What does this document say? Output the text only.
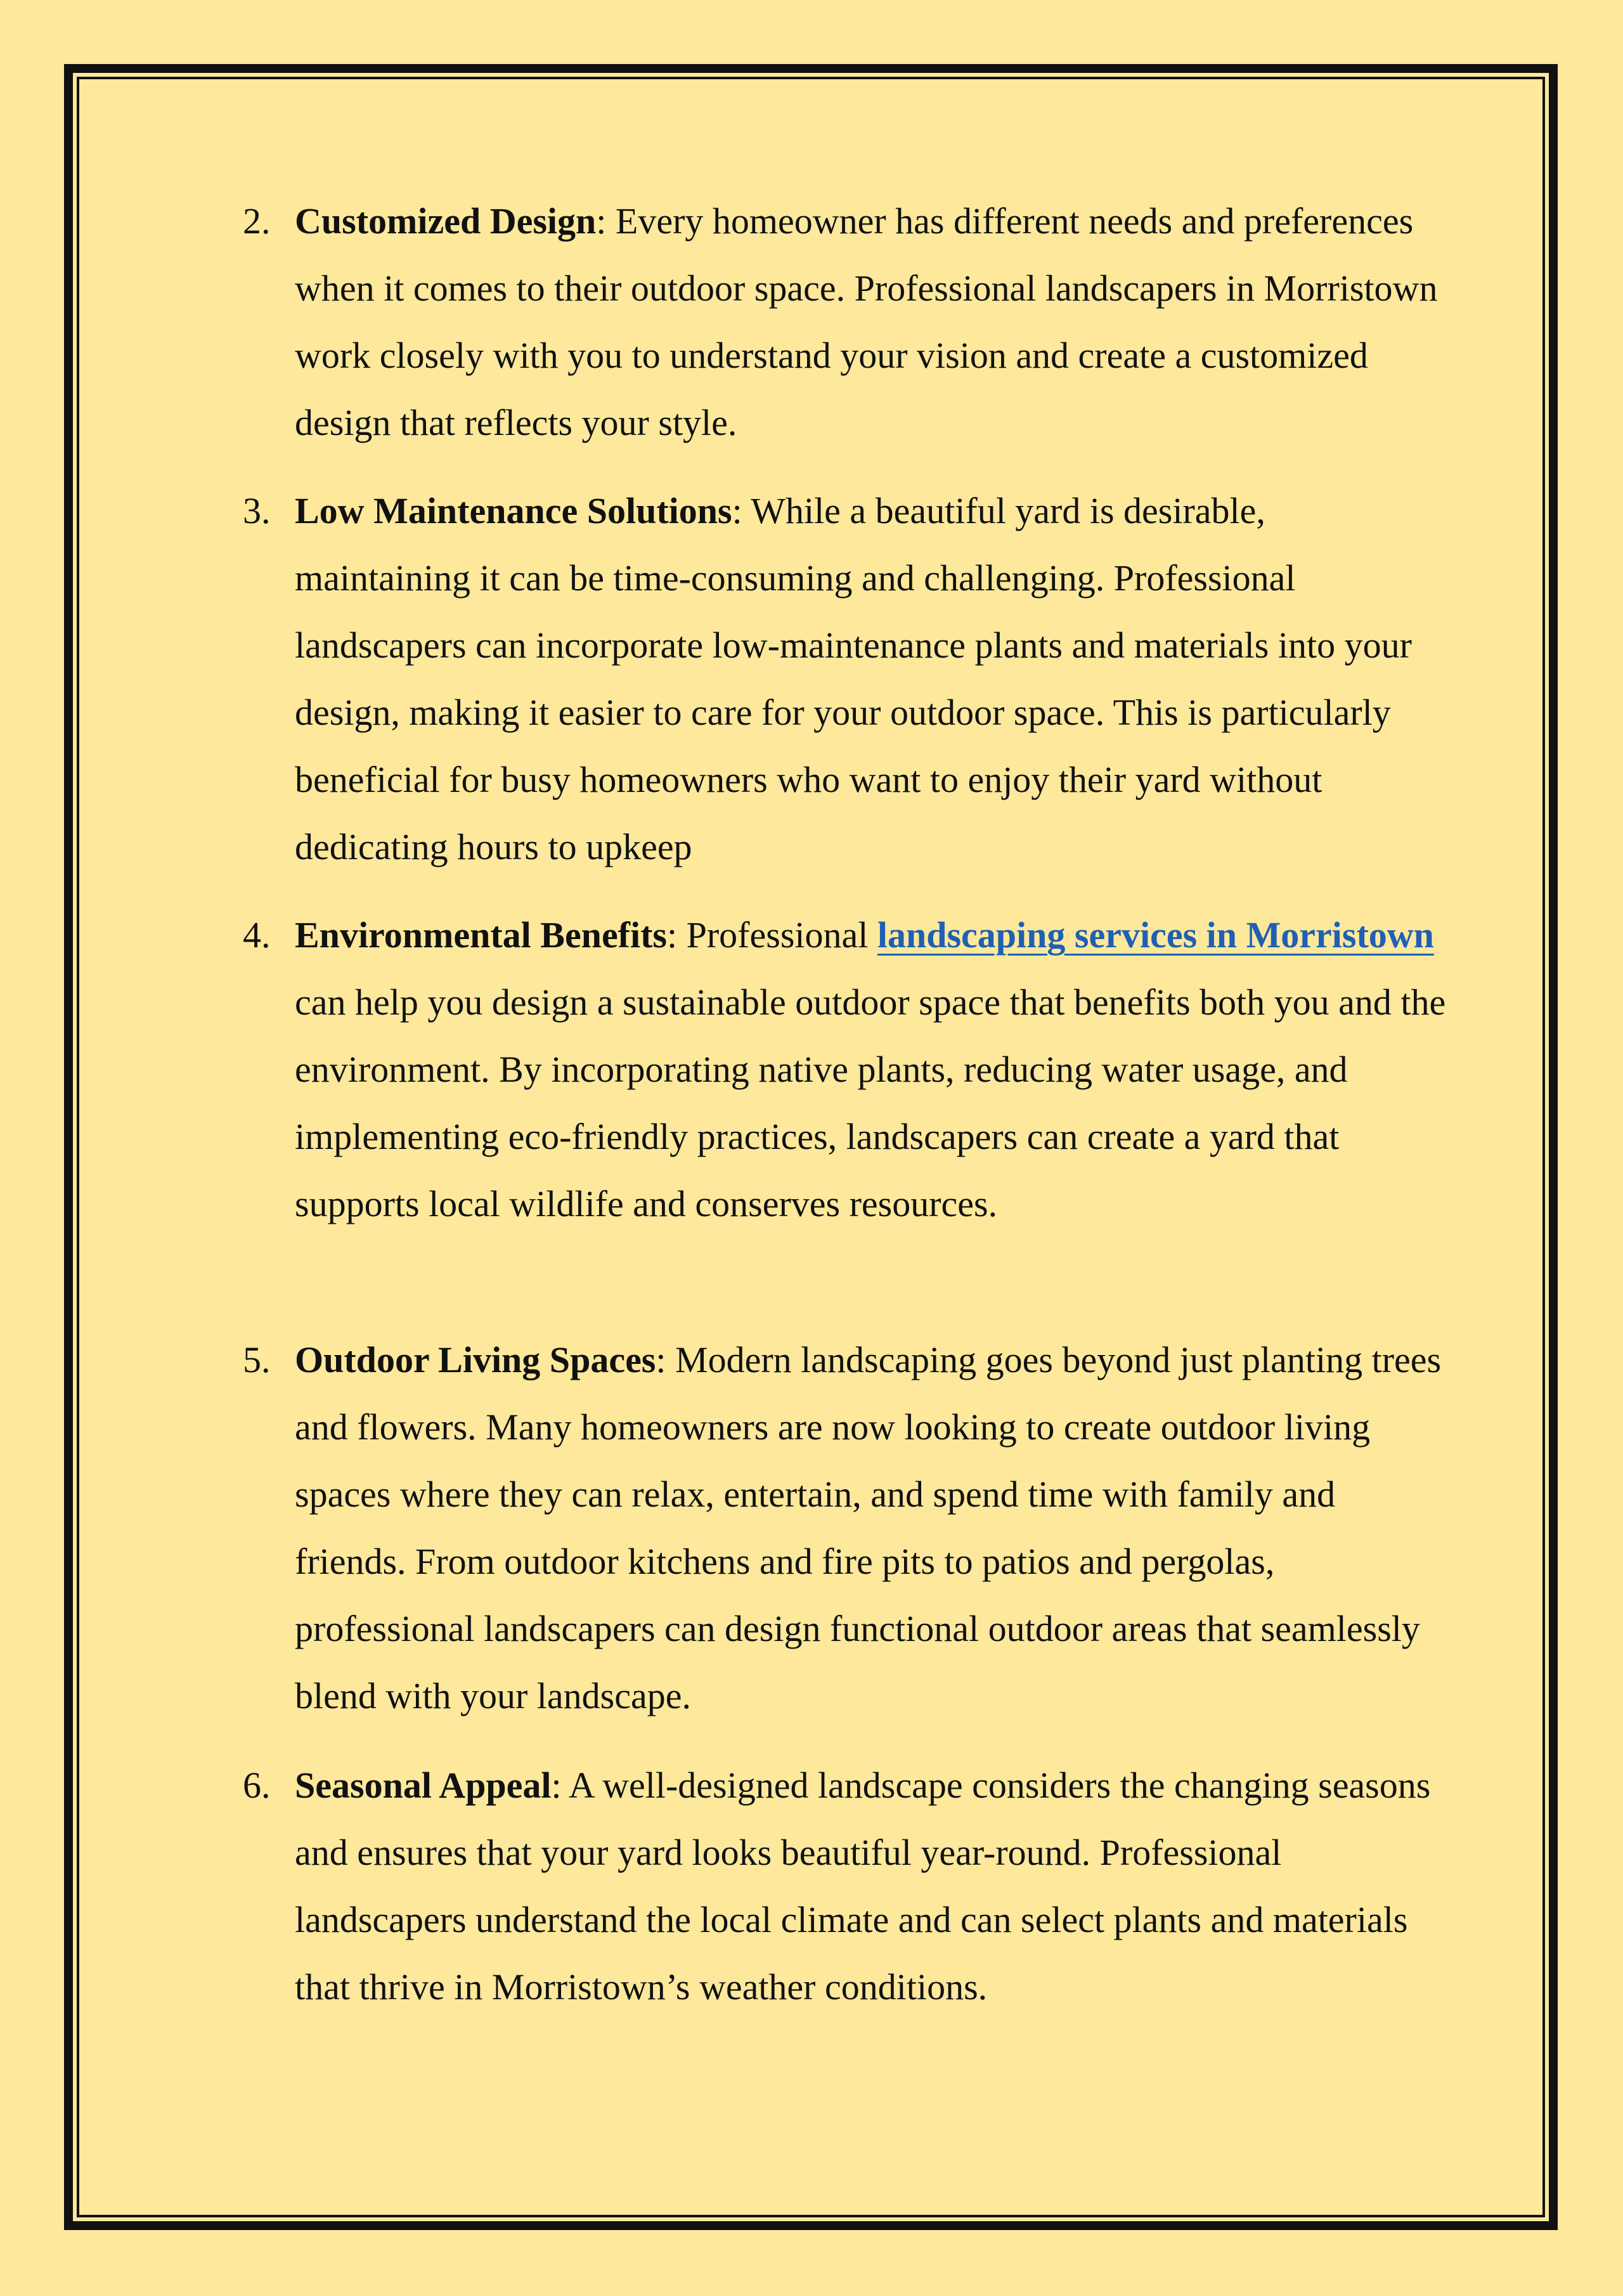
2. Customized Design: Every homeowner has different needs and preferences when it comes to their outdoor space. Professional landscapers in Morristown work closely with you to understand your vision and create a customized design that reflects your style.
3. Low Maintenance Solutions: While a beautiful yard is desirable, maintaining it can be time-consuming and challenging. Professional landscapers can incorporate low-maintenance plants and materials into your design, making it easier to care for your outdoor space. This is particularly beneficial for busy homeowners who want to enjoy their yard without dedicating hours to upkeep
4. Environmental Benefits: Professional landscaping services in Morristown can help you design a sustainable outdoor space that benefits both you and the environment. By incorporating native plants, reducing water usage, and implementing eco-friendly practices, landscapers can create a yard that supports local wildlife and conserves resources.
5. Outdoor Living Spaces: Modern landscaping goes beyond just planting trees and flowers. Many homeowners are now looking to create outdoor living spaces where they can relax, entertain, and spend time with family and friends. From outdoor kitchens and fire pits to patios and pergolas, professional landscapers can design functional outdoor areas that seamlessly blend with your landscape.
6. Seasonal Appeal: A well-designed landscape considers the changing seasons and ensures that your yard looks beautiful year-round. Professional landscapers understand the local climate and can select plants and materials that thrive in Morristown’s weather conditions.
